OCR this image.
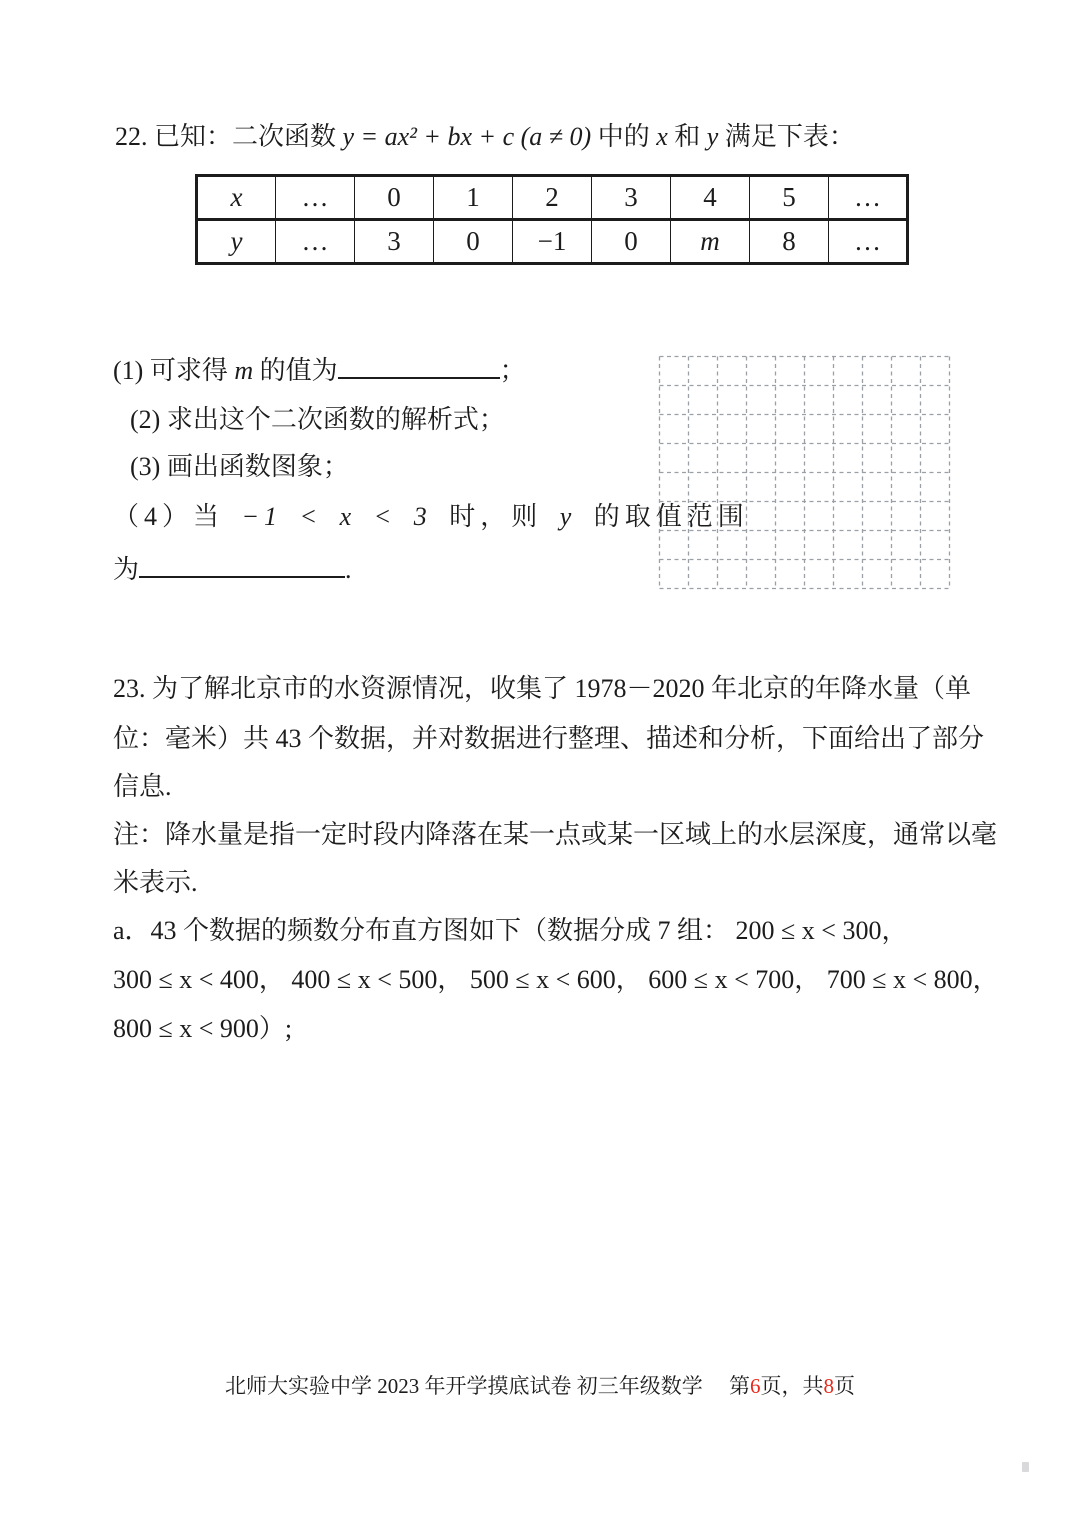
22. 已知：二次函数 y = ax² + bx + c (a ≠ 0) 中的 x 和 y 满足下表：
x	…	0	1	2	3	4	5	…
y	…	3	0	−1	0	m	8	…
(1) 可求得 m 的值为	；
(2) 求出这个二次函数的解析式；
(3) 画出函数图象；
（4）当 −1 < x < 3 时，则 y 的取值范围
为	.
23. 为了解北京市的水资源情况，收集了 1978－2020 年北京的年降水量（单
位：毫米）共 43 个数据，并对数据进行整理、描述和分析，下面给出了部分
信息.
注：降水量是指一定时段内降落在某一点或某一区域上的水层深度，通常以毫
米表示.
a．43 个数据的频数分布直方图如下（数据分成 7 组： 200 ≤ x < 300，
300 ≤ x < 400， 400 ≤ x < 500， 500 ≤ x < 600， 600 ≤ x < 700， 700 ≤ x < 800，
800 ≤ x < 900）;
北师大实验中学 2023 年开学摸底试卷 初三年级数学　 第6页，共8页
